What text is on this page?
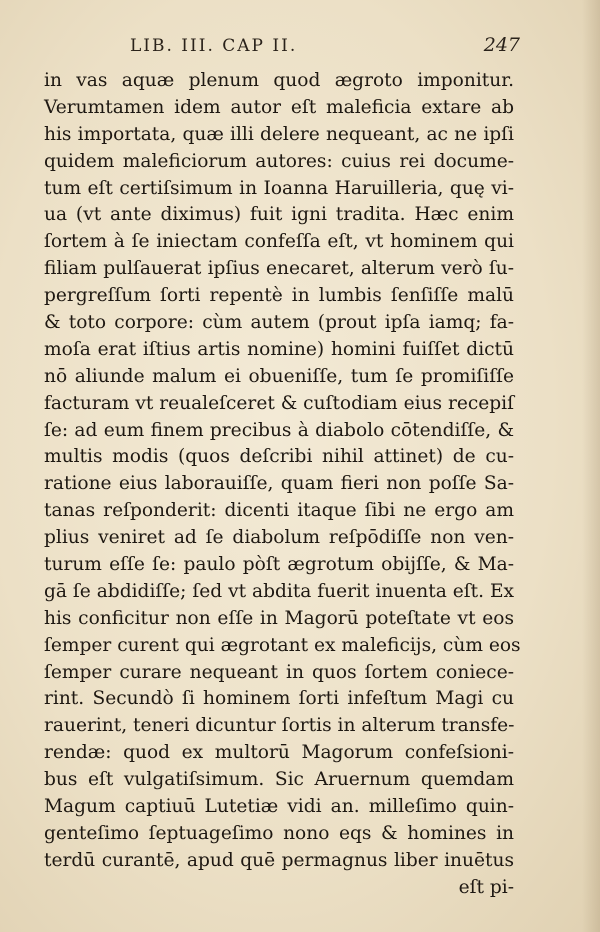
LIB. III. CAP II.	247
in vas aquæ plenum quod ægroto imponitur.
Verumtamen idem autor eſt maleficia extare ab
his importata, quæ illi delere nequeant, ac ne ipſi
quidem maleficiorum autores: cuius rei docume-
tum eſt certiſsimum in Ioanna Haruilleria, quę vi-
ua (vt ante diximus) fuit igni tradita. Hæc enim
ſortem à ſe iniectam confeſſa eſt, vt hominem qui
filiam pulſauerat ipſius enecaret, alterum verò ſu-
pergreſſum ſorti repentè in lumbis ſenſiſſe malū
& toto corpore: cùm autem (prout ipſa iamq; fa-
moſa erat iſtius artis nomine) homini fuiſſet dictū
nō aliunde malum ei obueniſſe, tum ſe promiſiſſe
facturam vt reualeſceret & cuſtodiam eius recepiſ
ſe: ad eum finem precibus à diabolo cōtendiſſe, &
multis modis (quos deſcribi nihil attinet) de cu-
ratione eius laborauiſſe, quam fieri non poſſe Sa-
tanas reſponderit: dicenti itaque ſibi ne ergo am
plius veniret ad ſe diabolum reſpōdiſſe non ven-
turum eſſe ſe: paulo pòſt ægrotum obijſſe, & Ma-
gā ſe abdidiſſe; ſed vt abdita fuerit inuenta eſt. Ex
his conficitur non eſſe in Magorū poteſtate vt eos
ſemper curent qui ægrotant ex maleficijs, cùm eos
ſemper curare nequeant in quos ſortem coniece-
rint. Secundò ſi hominem ſorti infeſtum Magi cu
rauerint, teneri dicuntur ſortis in alterum transfe-
rendæ: quod ex multorū Magorum confeſsioni-
bus eſt vulgatiſsimum. Sic Aruernum quemdam
Magum captiuū Lutetiæ vidi an. milleſimo quin-
genteſimo ſeptuageſimo nono eqs & homines in
terdū curantē, apud quē permagnus liber inuētus
eſt pi-
